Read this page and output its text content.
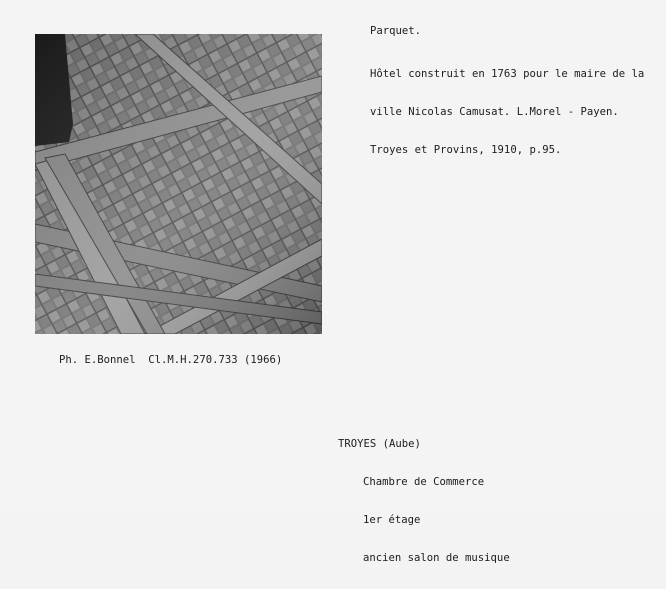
Parquet.

Hôtel construit en 1763 pour le maire de la

ville Nicolas Camusat. L.Morel - Payen.

Troyes et Provins, 1910, p.95.

Ph. E.Bonnel  Cl.M.H.270.733 (1966)

TROYES (Aube)

Chambre de Commerce

1er étage

ancien salon de musique
